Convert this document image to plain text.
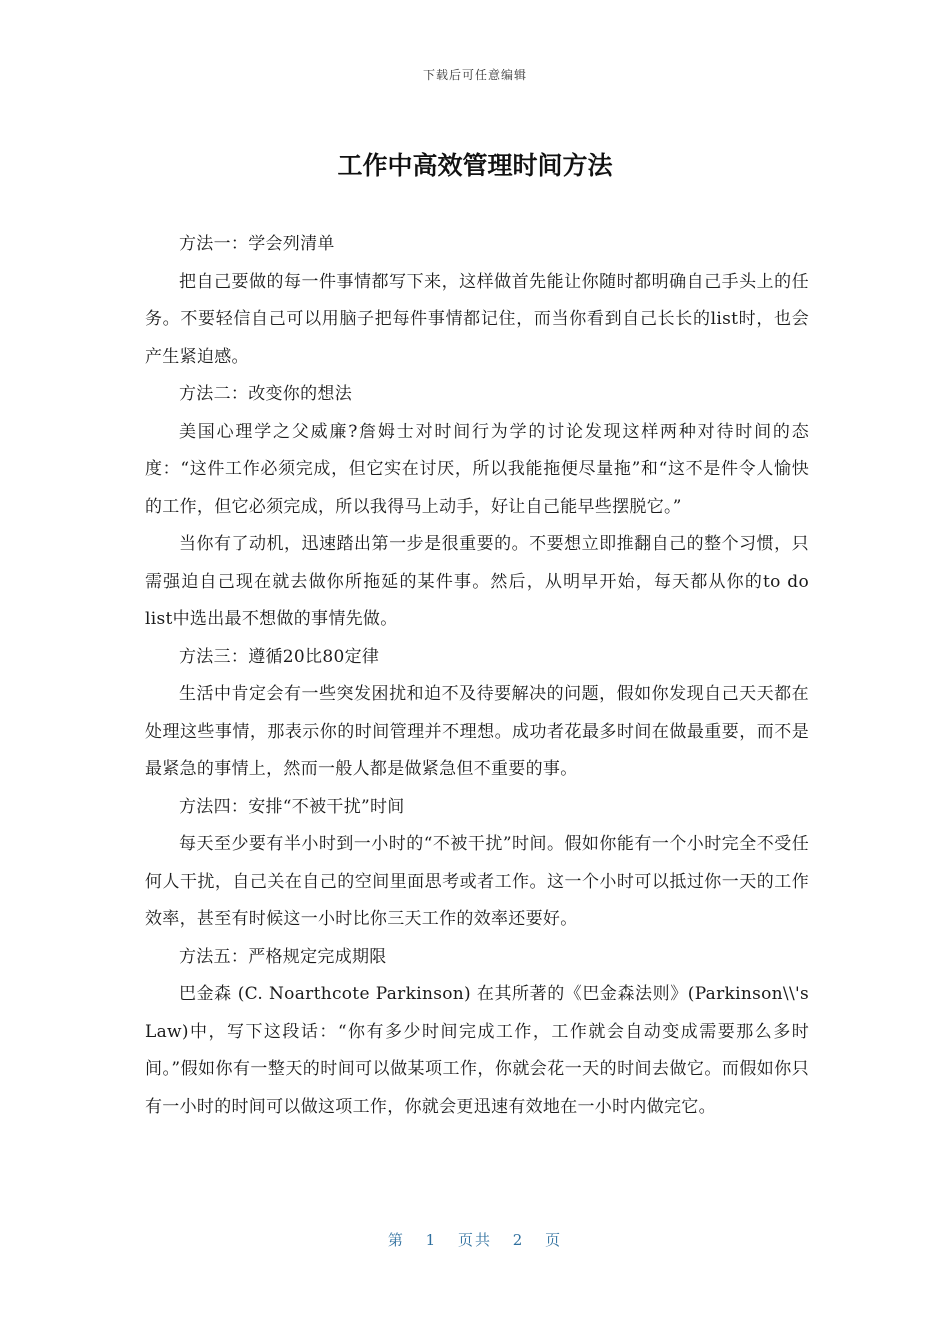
下载后可任意编辑
工作中高效管理时间方法

方法一：学会列清单

把自己要做的每一件事情都写下来，这样做首先能让你随时都明确自己手头上的任务。不要轻信自己可以用脑子把每件事情都记住，而当你看到自己长长的list时，也会产生紧迫感。

方法二：改变你的想法

美国心理学之父威廉?詹姆士对时间行为学的讨论发现这样两种对待时间的态度：“这件工作必须完成，但它实在讨厌，所以我能拖便尽量拖”和“这不是件令人愉快的工作，但它必须完成，所以我得马上动手，好让自己能早些摆脱它。”

当你有了动机，迅速踏出第一步是很重要的。不要想立即推翻自己的整个习惯，只需强迫自己现在就去做你所拖延的某件事。然后，从明早开始，每天都从你的to do list中选出最不想做的事情先做。

方法三：遵循20比80定律

生活中肯定会有一些突发困扰和迫不及待要解决的问题，假如你发现自己天天都在处理这些事情，那表示你的时间管理并不理想。成功者花最多时间在做最重要，而不是最紧急的事情上，然而一般人都是做紧急但不重要的事。

方法四：安排“不被干扰”时间

每天至少要有半小时到一小时的“不被干扰”时间。假如你能有一个小时完全不受任何人干扰，自己关在自己的空间里面思考或者工作。这一个小时可以抵过你一天的工作效率，甚至有时候这一小时比你三天工作的效率还要好。

方法五：严格规定完成期限

巴金森 (C. Noarthcote Parkinson) 在其所著的《巴金森法则》(Parkinson\\'s Law)中，写下这段话：“你有多少时间完成工作，工作就会自动变成需要那么多时间。”假如你有一整天的时间可以做某项工作，你就会花一天的时间去做它。而假如你只有一小时的时间可以做这项工作，你就会更迅速有效地在一小时内做完它。

第 1 页共 2 页
